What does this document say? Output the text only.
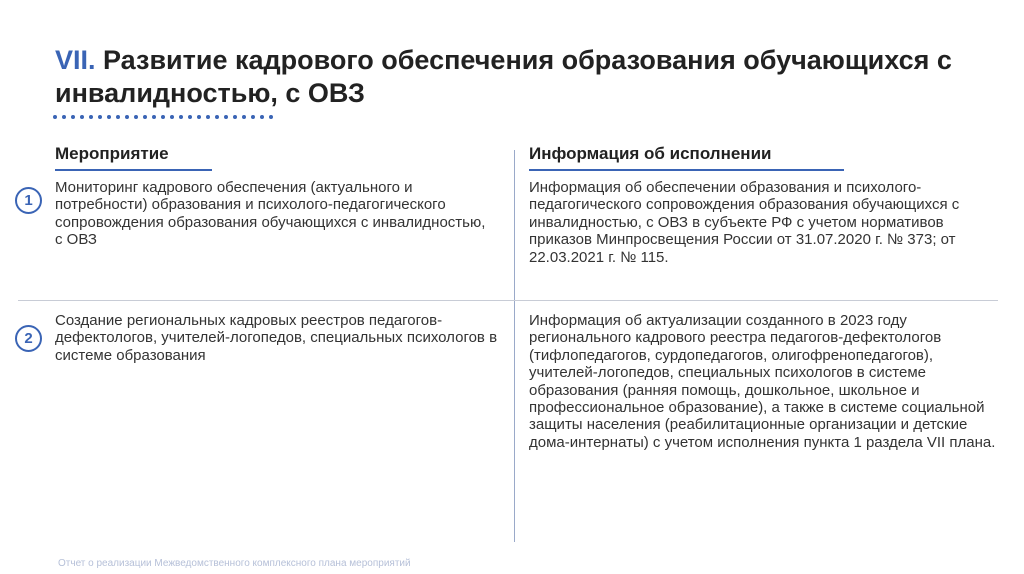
VII. Развитие кадрового обеспечения образования обучающихся с инвалидностью, с ОВЗ
Мероприятие	Информация об исполнении
1
Мониторинг кадрового обеспечения (актуального и потребности) образования и психолого-педагогического сопровождения образования обучающихся с инвалидностью, с ОВЗ
Информация об обеспечении образования и психолого-педагогического сопровождения образования обучающихся с инвалидностью, с ОВЗ в субъекте РФ с учетом нормативов приказов Минпросвещения России от 31.07.2020 г. № 373; от 22.03.2021 г. № 115.
2
Создание региональных кадровых реестров педагогов-дефектологов, учителей-логопедов, специальных психологов в системе образования
Информация об актуализации созданного в 2023 году регионального кадрового реестра педагогов-дефектологов (тифлопедагогов, сурдопедагогов, олигофренопедагогов), учителей-логопедов, специальных психологов в системе образования (ранняя помощь, дошкольное, школьное и профессиональное образование), а также в системе социальной защиты населения (реабилитационные организации и детские дома-интернаты) с учетом исполнения пункта 1 раздела VII плана.
Отчет о реализации Межведомственного комплексного плана мероприятий
